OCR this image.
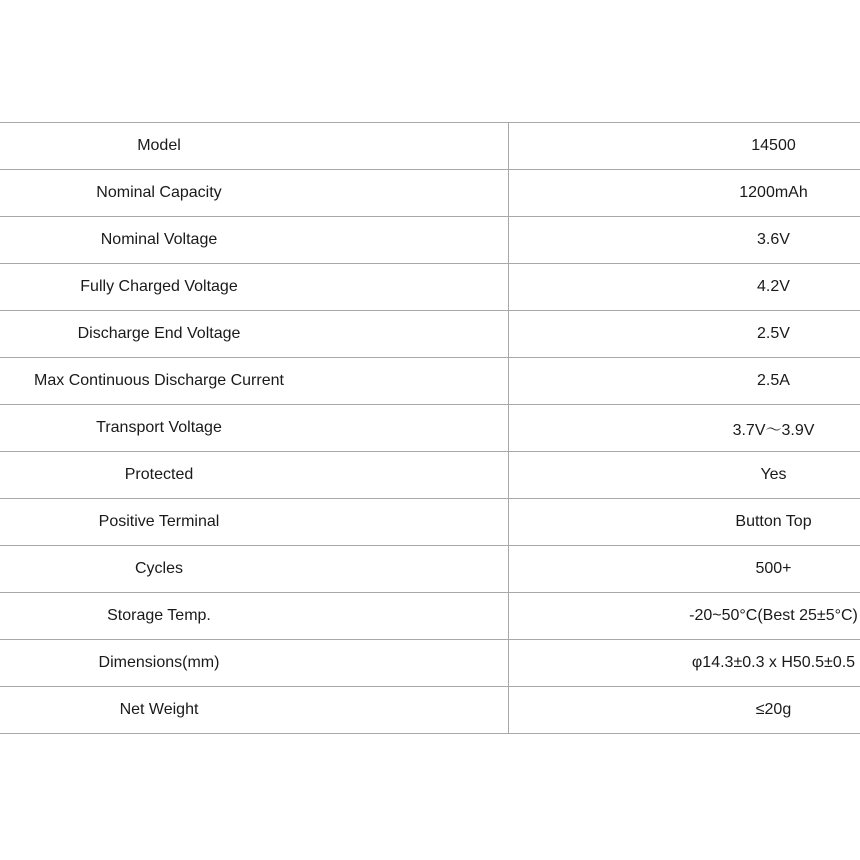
Model	14500
Nominal Capacity	1200mAh
Nominal Voltage	3.6V
Fully Charged Voltage	4.2V
Discharge End Voltage	2.5V
Max Continuous Discharge Current	2.5A
Transport Voltage	3.7V～3.9V
Protected	Yes
Positive Terminal	Button Top
Cycles	500+
Storage Temp.	-20~50°C(Best 25±5°C)
Dimensions(mm)	φ14.3±0.3 x H50.5±0.5
Net Weight	≤20g
